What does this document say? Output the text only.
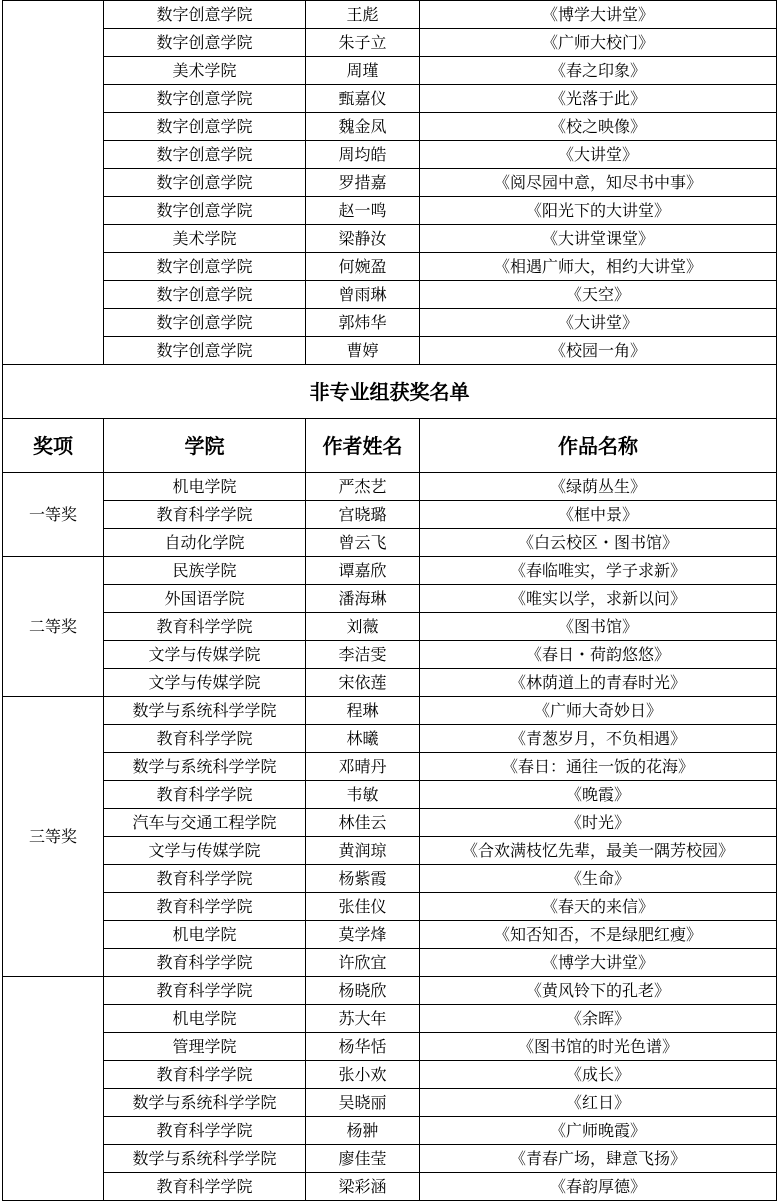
	数字创意学院	王彪	《博学大讲堂》
	数字创意学院	朱子立	《广师大校门》
	美术学院	周瑾	《春之印象》
	数字创意学院	甄嘉仪	《光落于此》
	数字创意学院	魏金凤	《校之映像》
	数字创意学院	周均皓	《大讲堂》
	数字创意学院	罗措嘉	《阅尽园中意，知尽书中事》
	数字创意学院	赵一鸣	《阳光下的大讲堂》
	美术学院	梁静汝	《大讲堂课堂》
	数字创意学院	何婉盈	《相遇广师大，相约大讲堂》
	数字创意学院	曾雨琳	《天空》
	数字创意学院	郭炜华	《大讲堂》
	数字创意学院	曹婷	《校园一角》
非专业组获奖名单			
奖项	学院	作者姓名	作品名称
一等奖	机电学院	严杰艺	《绿荫丛生》
	教育科学学院	宫晓璐	《框中景》
	自动化学院	曾云飞	《白云校区・图书馆》
二等奖	民族学院	谭嘉欣	《春临唯实，学子求新》
	外国语学院	潘海琳	《唯实以学，求新以问》
	教育科学学院	刘薇	《图书馆》
	文学与传媒学院	李洁雯	《春日・荷韵悠悠》
	文学与传媒学院	宋依莲	《林荫道上的青春时光》
三等奖	数学与系统科学学院	程琳	《广师大奇妙日》
	教育科学学院	林曦	《青葱岁月，不负相遇》
	数学与系统科学学院	邓晴丹	《春日：通往一饭的花海》
	教育科学学院	韦敏	《晚霞》
	汽车与交通工程学院	林佳云	《时光》
	文学与传媒学院	黄润琼	《合欢满枝忆先辈，最美一隅芳校园》
	教育科学学院	杨紫霞	《生命》
	教育科学学院	张佳仪	《春天的来信》
	机电学院	莫学烽	《知否知否，不是绿肥红瘦》
	教育科学学院	许欣宜	《博学大讲堂》
	教育科学学院	杨晓欣	《黄风铃下的孔老》
	机电学院	苏大年	《余晖》
	管理学院	杨华恬	《图书馆的时光色谱》
	教育科学学院	张小欢	《成长》
	数学与系统科学学院	吴晓丽	《红日》
	教育科学学院	杨翀	《广师晚霞》
	数学与系统科学学院	廖佳莹	《青春广场，肆意飞扬》
	教育科学学院	梁彩涵	《春韵厚德》
